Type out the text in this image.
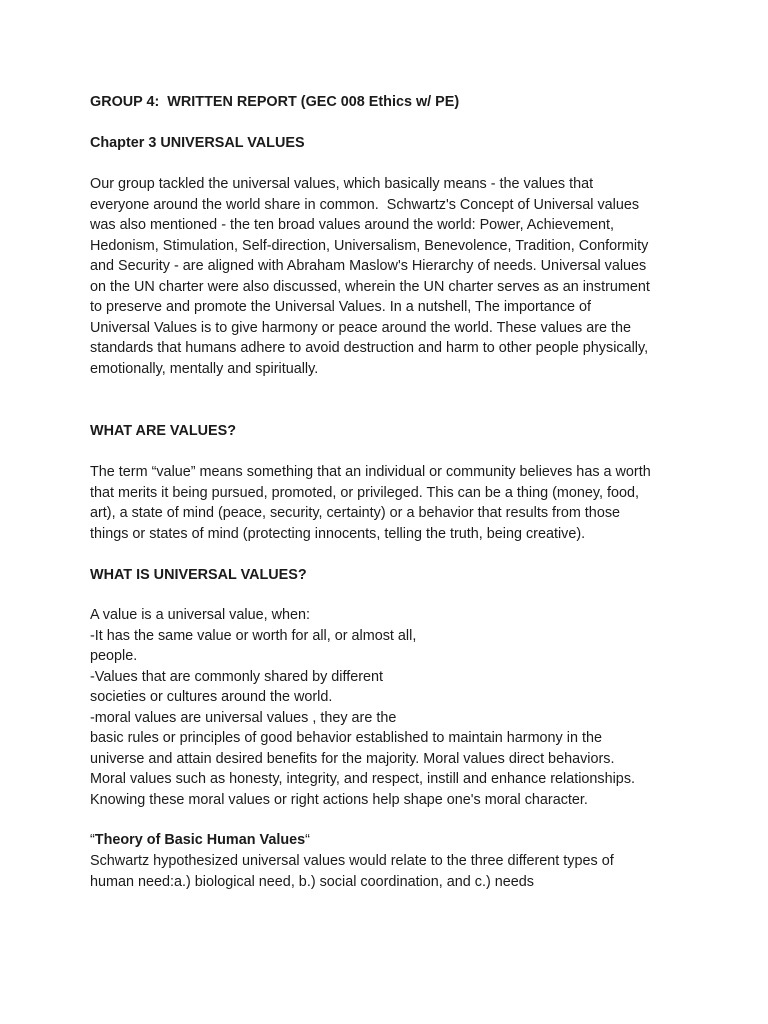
GROUP 4:  WRITTEN REPORT (GEC 008 Ethics w/ PE)
Chapter 3 UNIVERSAL VALUES
Our group tackled the universal values, which basically means - the values that
everyone around the world share in common.  Schwartz's Concept of Universal values
was also mentioned - the ten broad values around the world: Power, Achievement,
Hedonism, Stimulation, Self-direction, Universalism, Benevolence, Tradition, Conformity
and Security - are aligned with Abraham Maslow's Hierarchy of needs. Universal values
on the UN charter were also discussed, wherein the UN charter serves as an instrument
to preserve and promote the Universal Values. In a nutshell, The importance of
Universal Values is to give harmony or peace around the world. These values are the
standards that humans adhere to avoid destruction and harm to other people physically,
emotionally, mentally and spiritually.
WHAT ARE VALUES?
The term “value” means something that an individual or community believes has a worth
that merits it being pursued, promoted, or privileged. This can be a thing (money, food,
art), a state of mind (peace, security, certainty) or a behavior that results from those
things or states of mind (protecting innocents, telling the truth, being creative).
WHAT IS UNIVERSAL VALUES?
A value is a universal value, when:
-It has the same value or worth for all, or almost all,
people.
-Values that are commonly shared by different
societies or cultures around the world.
-moral values are universal values , they are the
basic rules or principles of good behavior established to maintain harmony in the
universe and attain desired benefits for the majority. Moral values direct behaviors.
Moral values such as honesty, integrity, and respect, instill and enhance relationships.
Knowing these moral values or right actions help shape one's moral character.
“Theory of Basic Human Values“
Schwartz hypothesized universal values would relate to the three different types of
human need:a.) biological need, b.) social coordination, and c.) needs
